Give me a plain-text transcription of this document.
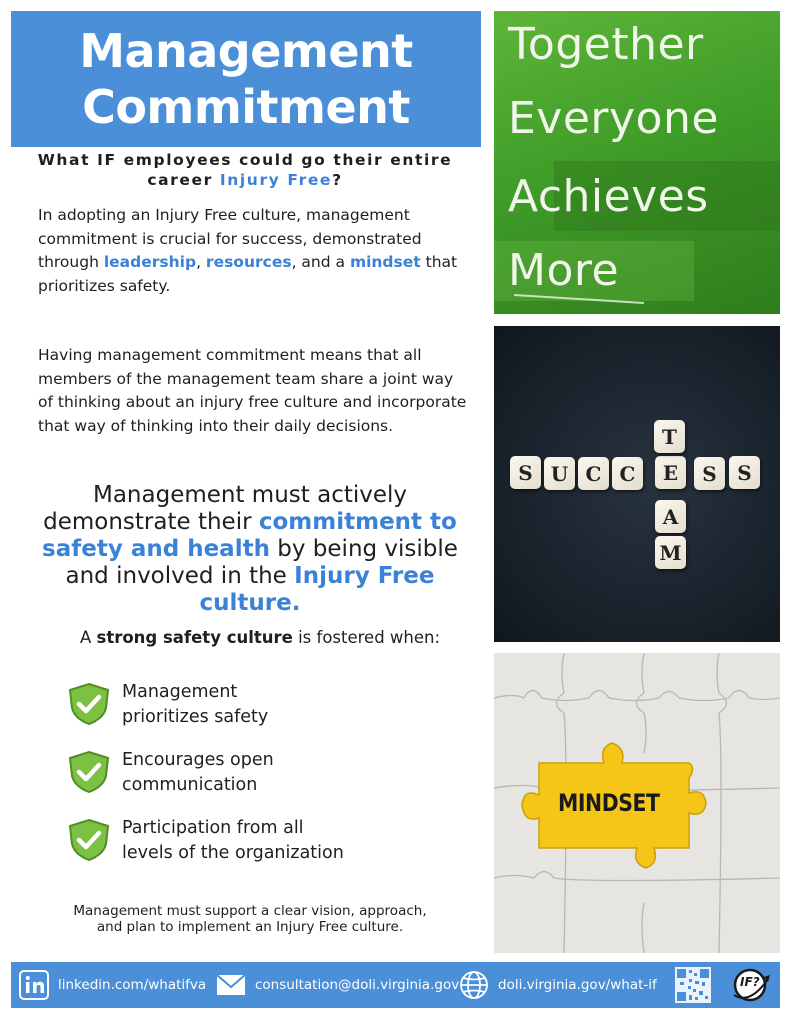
Management
Commitment
What IF employees could go their entire career Injury Free?
In adopting an Injury Free culture, management commitment is crucial for success, demonstrated through leadership, resources, and a mindset that prioritizes safety.
Having management commitment means that all members of the management team share a joint way of thinking about an injury free culture and incorporate that way of thinking into their daily decisions.
Management must actively demonstrate their commitment to safety and health by being visible and involved in the Injury Free culture.
A strong safety culture is fostered when:
Management
prioritizes safety
Encourages open
communication
Participation from all
levels of the organization
Management must support a clear vision, approach, and plan to implement an Injury Free culture.
Together
Everyone
Achieves
More
S U C C	E	S	S
T
A
M
MINDSET
linkedin.com/whatifva	consultation@doli.virginia.gov	doli.virginia.gov/what-if	IF?
